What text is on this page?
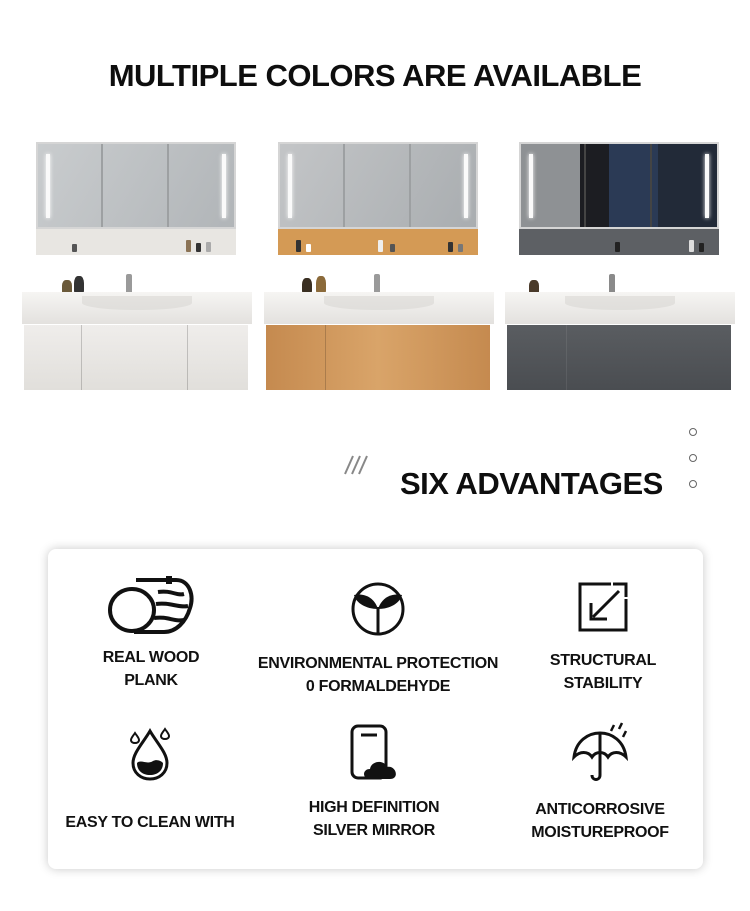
MULTIPLE COLORS ARE AVAILABLE
SIX ADVANTAGES
REAL WOOD
PLANK
ENVIRONMENTAL PROTECTION
0 FORMALDEHYDE
STRUCTURAL
STABILITY
EASY TO CLEAN WITH
HIGH DEFINITION
SILVER MIRROR
ANTICORROSIVE
MOISTUREPROOF
